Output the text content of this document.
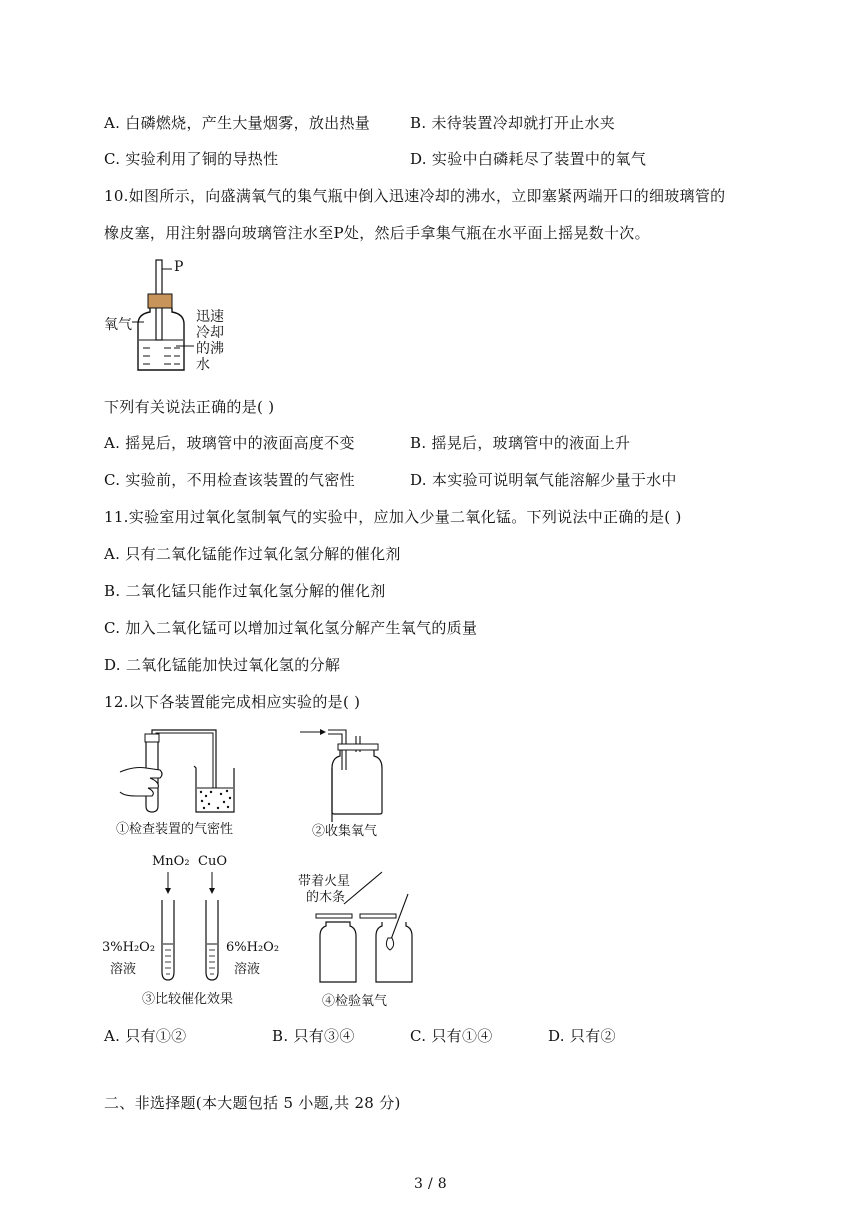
A. 白磷燃烧，产生大量烟雾，放出热量	B. 未待装置冷却就打开止水夹
C. 实验利用了铜的导热性	D. 实验中白磷耗尽了装置中的氧气
10.如图所示，向盛满氧气的集气瓶中倒入迅速冷却的沸水，立即塞紧两端开口的细玻璃管的
橡皮塞，用注射器向玻璃管注水至P处，然后手拿集气瓶在水平面上摇晃数十次。
P
氧气	迅速
冷却
的沸
水
下列有关说法正确的是( )
A. 摇晃后，玻璃管中的液面高度不变	B. 摇晃后，玻璃管中的液面上升
C. 实验前，不用检查该装置的气密性	D. 本实验可说明氧气能溶解少量于水中
11.实验室用过氧化氢制氧气的实验中，应加入少量二氧化锰。下列说法中正确的是( )
A. 只有二氧化锰能作过氧化氢分解的催化剂
B. 二氧化锰只能作过氧化氢分解的催化剂
C. 加入二氧化锰可以增加过氧化氢分解产生氧气的质量
D. 二氧化锰能加快过氧化氢的分解
12.以下各装置能完成相应实验的是( )
①检查装置的气密性	②收集氧气
MnO₂ CuO
3%H₂O₂
溶液
6%H₂O₂
溶液
③比较催化效果
带着火星
的木条
④检验氧气
A. 只有①②	B. 只有③④	C. 只有①④	D. 只有②
二、非选择题(本大题包括 5 小题,共 28 分)
3 / 8
